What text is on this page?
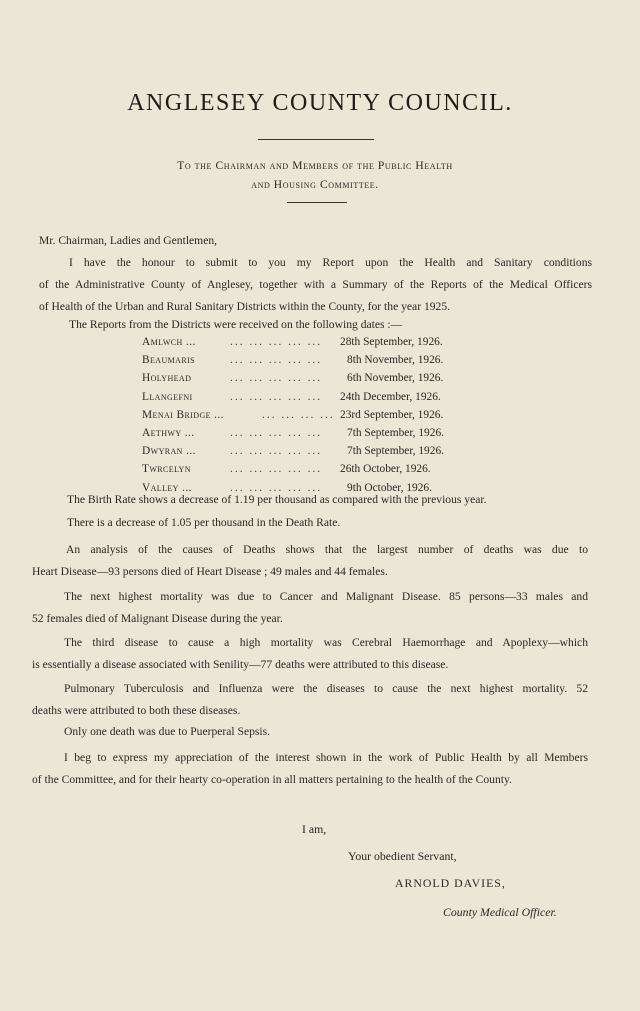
ANGLESEY COUNTY COUNCIL.
To the Chairman and Members of the Public Health
and Housing Committee.
Mr. Chairman, Ladies and Gentlemen,
I have the honour to submit to you my Report upon the Health and Sanitary conditions
of the Administrative County of Anglesey, together with a Summary of the Reports of the Medical Officers
of Health of the Urban and Rural Sanitary Districts within the County, for the year 1925.
The Reports from the Districts were received on the following dates :—
Amlwch ...	... ... ... ... ... 28th September, 1926.
Beaumaris	... ... ... ... ... 8th November, 1926.
Holyhead	... ... ... ... ... 6th November, 1926.
Llangefni	... ... ... ... ... 24th December, 1926.
Menai Bridge ...	... ... ... ... 23rd September, 1926.
Aethwy ...	... ... ... ... ... 7th September, 1926.
Dwyran ...	... ... ... ... ... 7th September, 1926.
Twrcelyn	... ... ... ... ... 26th October, 1926.
Valley ...	... ... ... ... ... 9th October, 1926.
The Birth Rate shows a decrease of 1.19 per thousand as compared with the previous year.
There is a decrease of 1.05 per thousand in the Death Rate.
An analysis of the causes of Deaths shows that the largest number of deaths was due to
Heart Disease—93 persons died of Heart Disease ; 49 males and 44 females.
The next highest mortality was due to Cancer and Malignant Disease. 85 persons—33 males and
52 females died of Malignant Disease during the year.
The third disease to cause a high mortality was Cerebral Haemorrhage and Apoplexy—which
is essentially a disease associated with Senility—77 deaths were attributed to this disease.
Pulmonary Tuberculosis and Influenza were the diseases to cause the next highest mortality. 52
deaths were attributed to both these diseases.
Only one death was due to Puerperal Sepsis.
I beg to express my appreciation of the interest shown in the work of Public Health by all Members
of the Committee, and for their hearty co-operation in all matters pertaining to the health of the County.
I am,
Your obedient Servant,
ARNOLD DAVIES,
County Medical Officer.
